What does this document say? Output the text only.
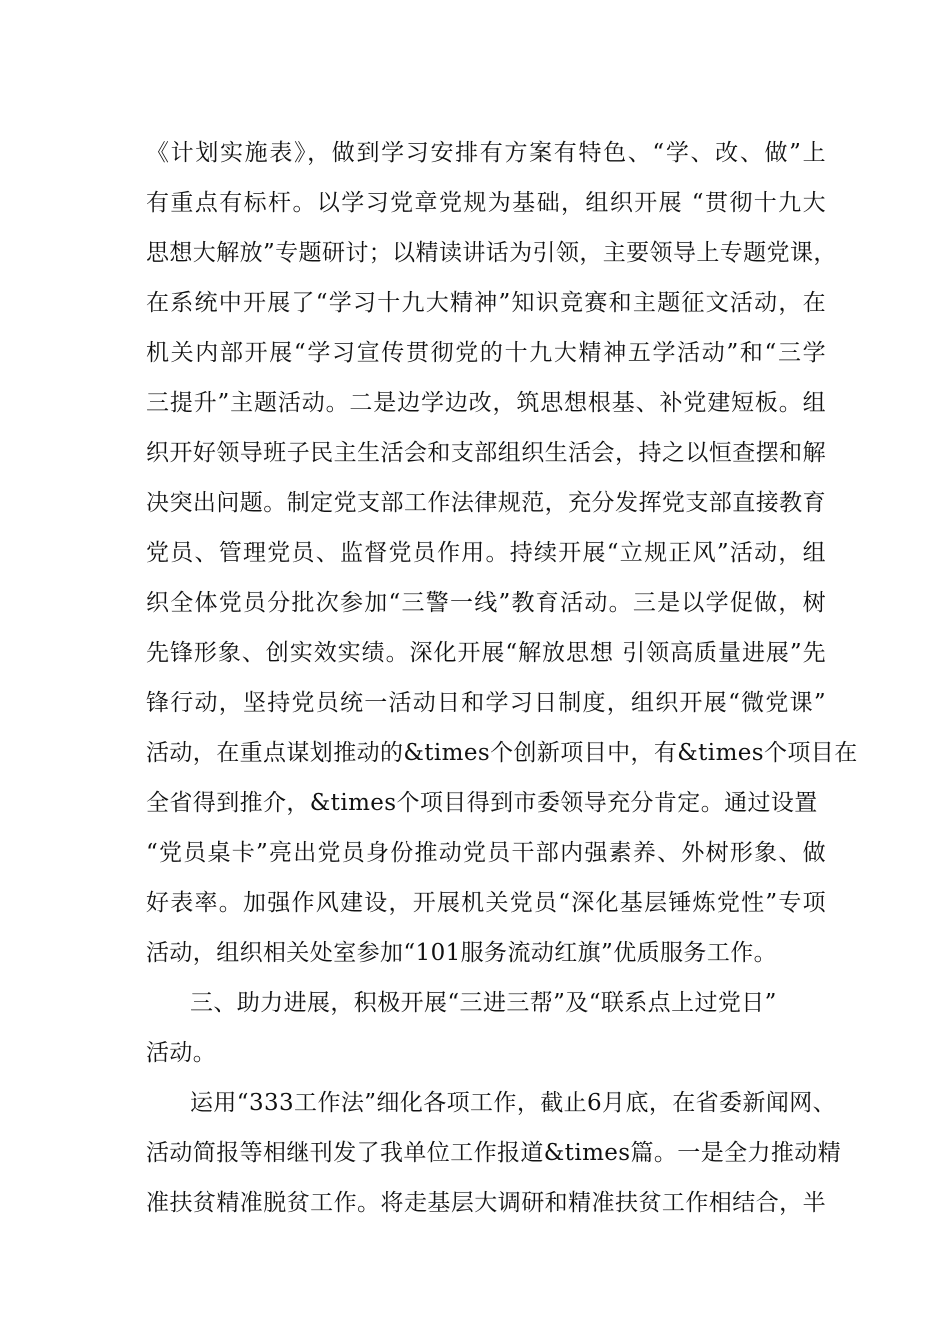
《计划实施表》，做到学习安排有方案有特色、“学、改、做”上
有重点有标杆。以学习党章党规为基础，组织开展 “贯彻十九大
思想大解放”专题研讨；以精读讲话为引领，主要领导上专题党课，
在系统中开展了“学习十九大精神”知识竞赛和主题征文活动，在
机关内部开展“学习宣传贯彻党的十九大精神五学活动”和“三学
三提升”主题活动。二是边学边改，筑思想根基、补党建短板。组
织开好领导班子民主生活会和支部组织生活会，持之以恒查摆和解
决突出问题。制定党支部工作法律规范，充分发挥党支部直接教育
党员、管理党员、监督党员作用。持续开展“立规正风”活动，组
织全体党员分批次参加“三警一线”教育活动。三是以学促做，树
先锋形象、创实效实绩。深化开展“解放思想 引领高质量进展”先
锋行动，坚持党员统一活动日和学习日制度，组织开展“微党课”
活动，在重点谋划推动的&times个创新项目中，有&times个项目在
全省得到推介，&times个项目得到市委领导充分肯定。通过设置
“党员桌卡”亮出党员身份推动党员干部内强素养、外树形象、做
好表率。加强作风建设，开展机关党员“深化基层锤炼党性”专项
活动，组织相关处室参加“101服务流动红旗”优质服务工作。
三、助力进展，积极开展“三进三帮”及“联系点上过党日”
活动。
运用“333工作法”细化各项工作，截止6月底，在省委新闻网、
活动简报等相继刊发了我单位工作报道&times篇。一是全力推动精
准扶贫精准脱贫工作。将走基层大调研和精准扶贫工作相结合，半
